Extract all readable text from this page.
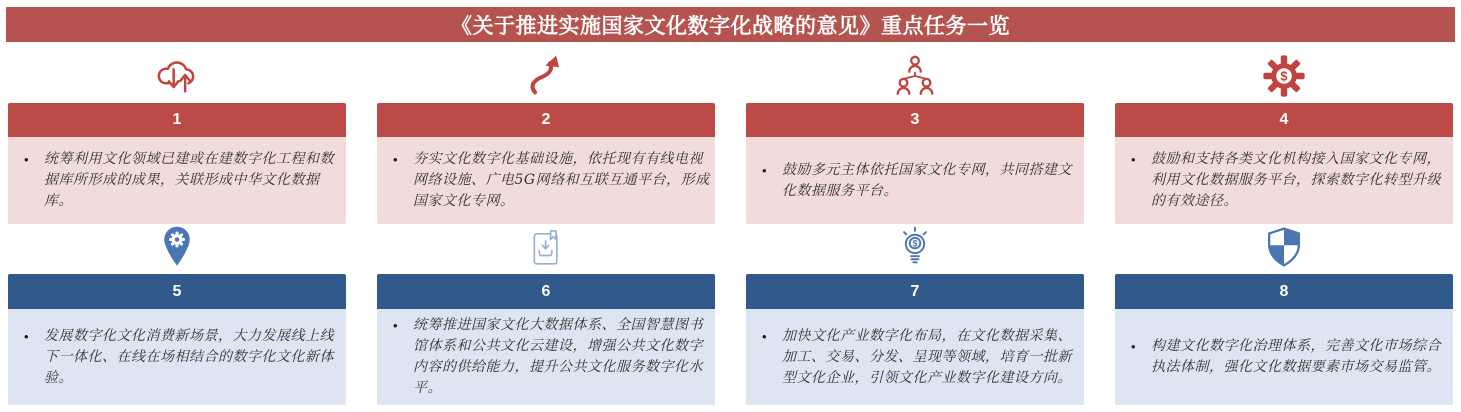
《关于推进实施国家文化数字化战略的意见》重点任务一览
1
•	统筹利用文化领域已建或在建数字化工程和数据库所形成的成果，关联形成中华文化数据库。
2
•	夯实文化数字化基础设施，依托现有有线电视网络设施、广电5G网络和互联互通平台，形成国家文化专网。
3
•	鼓励多元主体依托国家文化专网，共同搭建文化数据服务平台。
$
4
•	鼓励和支持各类文化机构接入国家文化专网，利用文化数据服务平台，探索数字化转型升级的有效途径。
5
•	发展数字化文化消费新场景，大力发展线上线下一体化、在线在场相结合的数字化文化新体验。
6
•	统筹推进国家文化大数据体系、全国智慧图书馆体系和公共文化云建设，增强公共文化数字内容的供给能力，提升公共文化服务数字化水平。
$
7
•	加快文化产业数字化布局，在文化数据采集、加工、交易、分发、呈现等领域，培育一批新型文化企业，引领文化产业数字化建设方向。
8
•	构建文化数字化治理体系，完善文化市场综合执法体制，强化文化数据要素市场交易监管。
